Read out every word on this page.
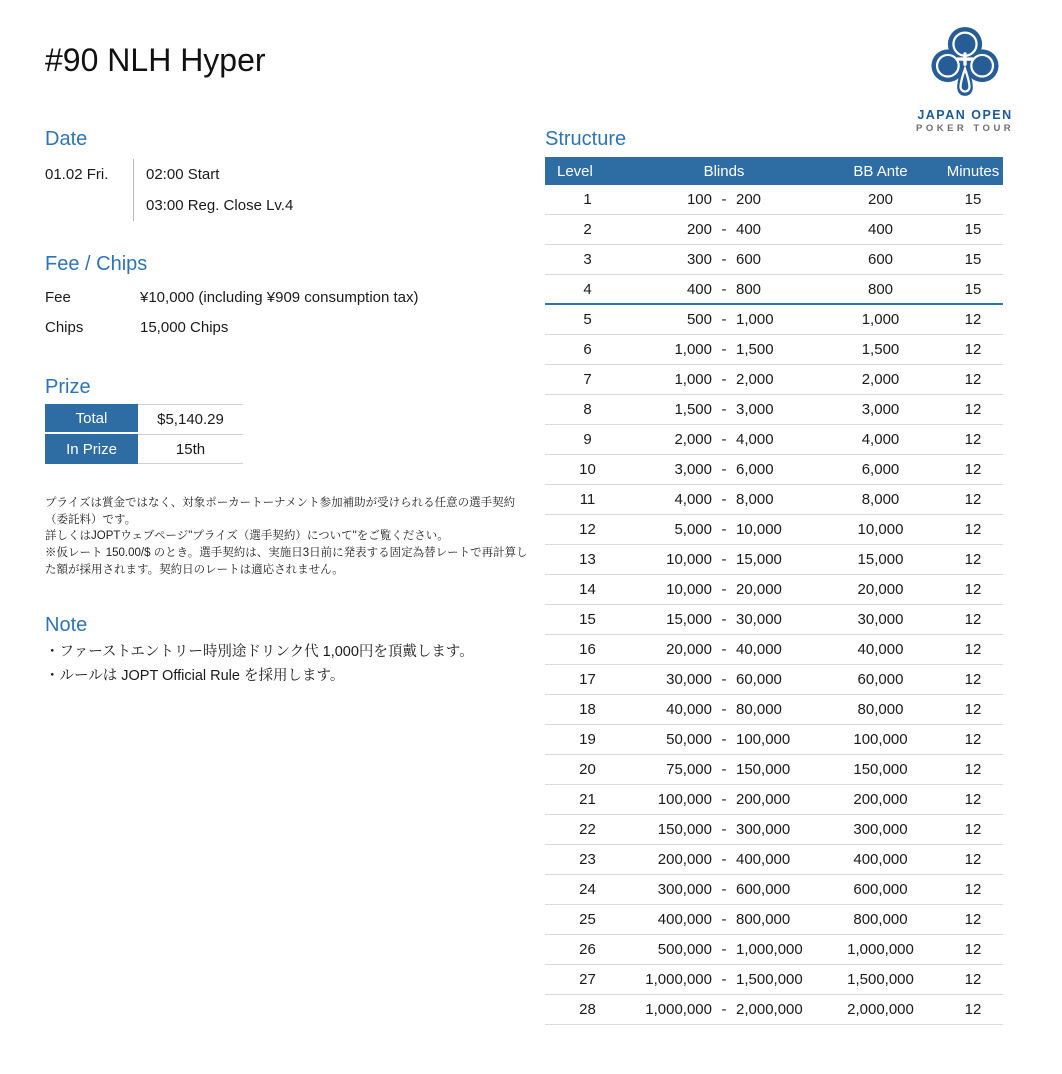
#90 NLH Hyper
JAPAN OPEN
POKER TOUR
Date
01.02 Fri.	02:00 Start
03:00 Reg. Close Lv.4
Fee / Chips
Fee	¥10,000 (including ¥909 consumption tax)
Chips	15,000 Chips
Prize
Total	$5,140.29
In Prize	15th

プライズは賞金ではなく、対象ポーカートーナメント参加補助が受けられる任意の選手契約（委託料）です。

詳しくはJOPTウェブページ"プライズ（選手契約）について"をご覧ください。

※仮レート 150.00/$ のとき。選手契約は、実施日3日前に発表する固定為替レートで再計算した額が採用されます。契約日のレートは適応されません。

Note
・ファーストエントリー時別途ドリンク代 1,000円を頂戴します。
・ルールは JOPT Official Rule を採用します。
Structure
Level	Blinds	BB Ante	Minutes
1	100 - 200	200	15
2	200 - 400	400	15
3	300 - 600	600	15
4	400 - 800	800	15
5	500 - 1,000	1,000	12
6	1,000 - 1,500	1,500	12
7	1,000 - 2,000	2,000	12
8	1,500 - 3,000	3,000	12
9	2,000 - 4,000	4,000	12
10	3,000 - 6,000	6,000	12
11	4,000 - 8,000	8,000	12
12	5,000 - 10,000	10,000	12
13	10,000 - 15,000	15,000	12
14	10,000 - 20,000	20,000	12
15	15,000 - 30,000	30,000	12
16	20,000 - 40,000	40,000	12
17	30,000 - 60,000	60,000	12
18	40,000 - 80,000	80,000	12
19	50,000 - 100,000	100,000	12
20	75,000 - 150,000	150,000	12
21	100,000 - 200,000	200,000	12
22	150,000 - 300,000	300,000	12
23	200,000 - 400,000	400,000	12
24	300,000 - 600,000	600,000	12
25	400,000 - 800,000	800,000	12
26	500,000 - 1,000,000	1,000,000	12
27	1,000,000 - 1,500,000	1,500,000	12
28	1,000,000 - 2,000,000	2,000,000	12
